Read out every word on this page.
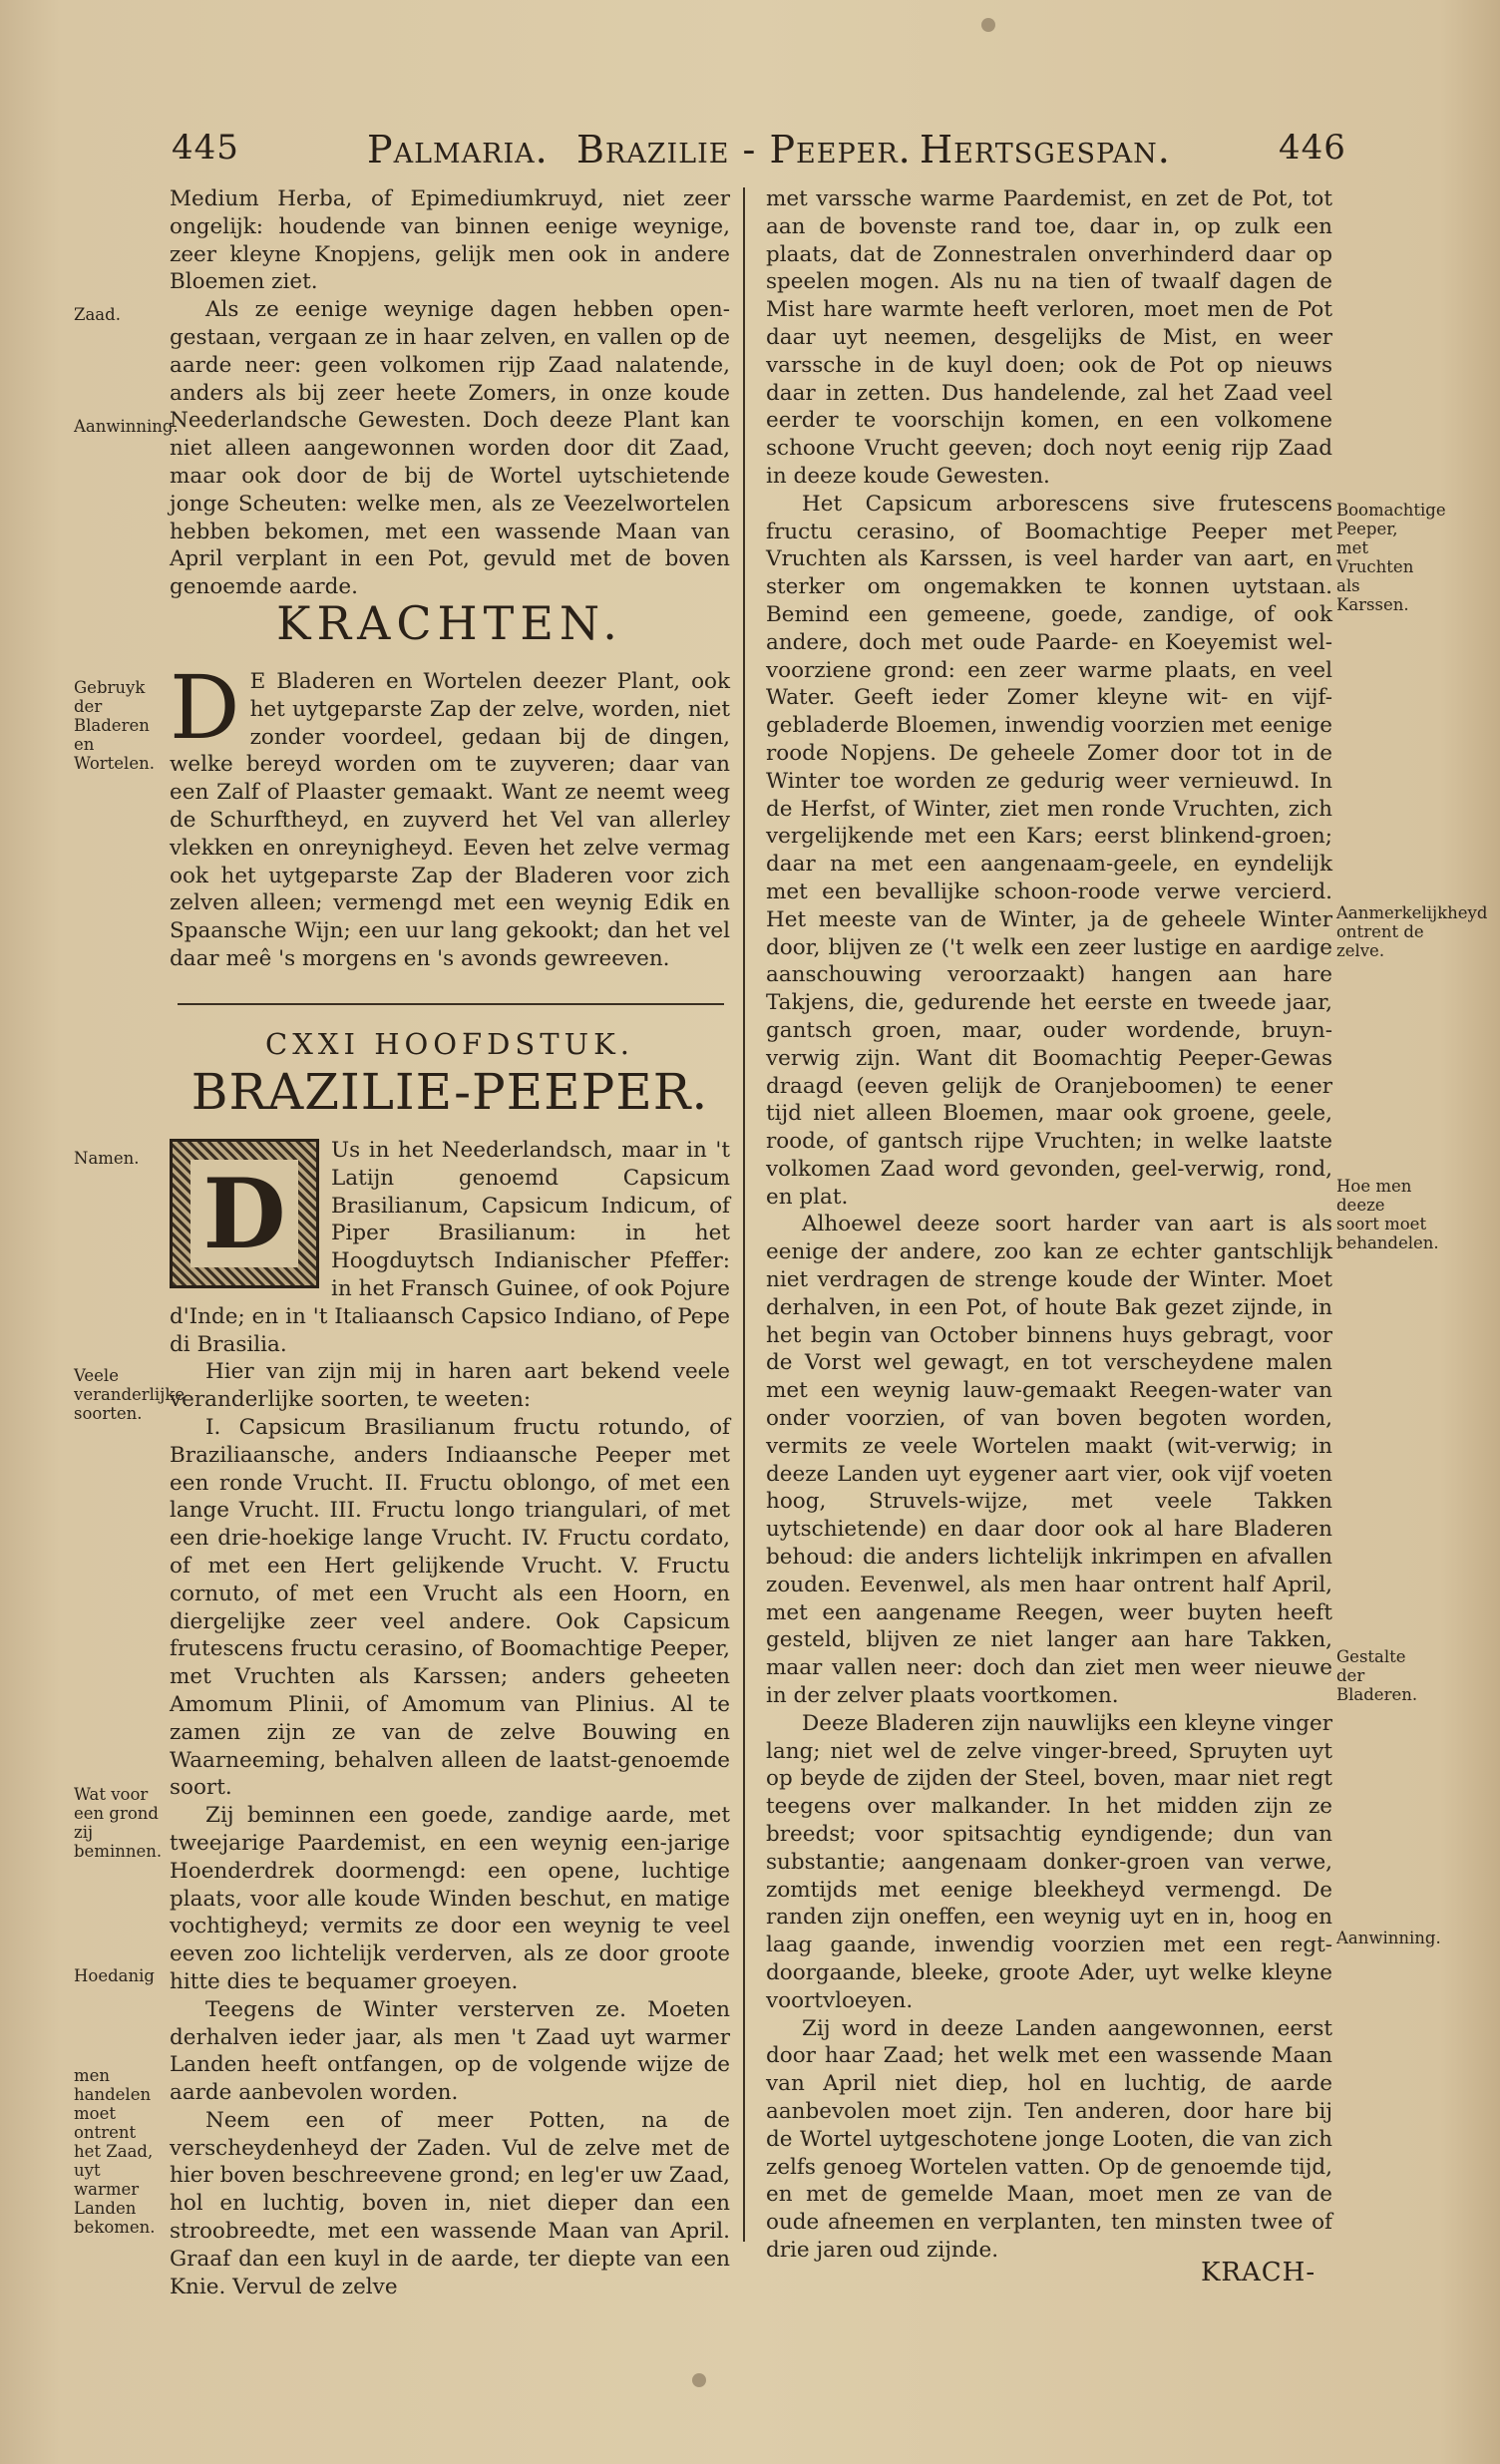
445	Palmaria. Brazilie - Peeper. Hertsgespan.	446

Medium Herba, of Epimediumkruyd, niet zeer ongelijk: houdende van binnen eenige weynige, zeer kleyne Knopjens, gelijk men ook in andere Bloemen ziet.

Als ze eenige weynige dagen hebben open-gestaan, vergaan ze in haar zelven, en vallen op de aarde neer: geen volkomen rijp Zaad nalatende, anders als bij zeer heete Zomers, in onze koude Neederlandsche Gewesten. Doch deeze Plant kan niet alleen aangewonnen worden door dit Zaad, maar ook door de bij de Wortel uytschietende jonge Scheuten: welke men, als ze Veezelwortelen hebben bekomen, met een wassende Maan van April verplant in een Pot, gevuld met de boven genoemde aarde.

KRACHTEN.

D E Bladeren en Wortelen deezer Plant, ook het uytgeparste Zap der zelve, worden, niet zonder voordeel, gedaan bij de dingen, welke bereyd worden om te zuyveren; daar van een Zalf of Plaaster gemaakt. Want ze neemt weeg de Schurftheyd, en zuyverd het Vel van allerley vlekken en onreynigheyd. Eeven het zelve vermag ook het uytgeparste Zap der Bladeren voor zich zelven alleen; vermengd met een weynig Edik en Spaansche Wijn; een uur lang gekookt; dan het vel daar meê 's morgens en 's avonds gewreeven.

CXXI HOOFDSTUK.
BRAZILIE-PEEPER.

D
Us in het Neederlandsch, maar in 't Latijn genoemd Capsicum Brasilianum, Capsicum Indicum, of Piper Brasilianum: in het Hoogduytsch Indianischer Pfeffer: in het Fransch Guinee, of ook Pojure d'Inde; en in 't Italiaansch Capsico Indiano, of Pepe di Brasilia.

Hier van zijn mij in haren aart bekend veele veranderlijke soorten, te weeten:

I. Capsicum Brasilianum fructu rotundo, of Braziliaansche, anders Indiaansche Peeper met een ronde Vrucht. II. Fructu oblongo, of met een lange Vrucht. III. Fructu longo triangulari, of met een drie-hoekige lange Vrucht. IV. Fructu cordato, of met een Hert gelijkende Vrucht. V. Fructu cornuto, of met een Vrucht als een Hoorn, en diergelijke zeer veel andere. Ook Capsicum frutescens fructu cerasino, of Boomachtige Peeper, met Vruchten als Karssen; anders geheeten Amomum Plinii, of Amomum van Plinius. Al te zamen zijn ze van de zelve Bouwing en Waarneeming, behalven alleen de laatst-genoemde soort.

Zij beminnen een goede, zandige aarde, met tweejarige Paardemist, en een weynig een-jarige Hoenderdrek doormengd: een opene, luchtige plaats, voor alle koude Winden beschut, en matige vochtigheyd; vermits ze door een weynig te veel eeven zoo lichtelijk verderven, als ze door groote hitte dies te bequamer groeyen.

Teegens de Winter versterven ze. Moeten derhalven ieder jaar, als men 't Zaad uyt warmer Landen heeft ontfangen, op de volgende wijze de aarde aanbevolen worden.

Neem een of meer Potten, na de verscheydenheyd der Zaden. Vul de zelve met de hier boven beschreevene grond; en leg'er uw Zaad, hol en luchtig, boven in, niet dieper dan een stroobreedte, met een wassende Maan van April. Graaf dan een kuyl in de aarde, ter diepte van een Knie. Vervul de zelve

Zaad.
Aanwinning.
Gebruyk der Bladeren en Wortelen.
Namen.
Veele veranderlijke soorten.
Wat voor een grond zij beminnen.
Hoedanig
men handelen moet ontrent het Zaad, uyt warmer Landen bekomen.

met varssche warme Paardemist, en zet de Pot, tot aan de bovenste rand toe, daar in, op zulk een plaats, dat de Zonnestralen onverhinderd daar op speelen mogen. Als nu na tien of twaalf dagen de Mist hare warmte heeft verloren, moet men de Pot daar uyt neemen, desgelijks de Mist, en weer varssche in de kuyl doen; ook de Pot op nieuws daar in zetten. Dus handelende, zal het Zaad veel eerder te voorschijn komen, en een volkomene schoone Vrucht geeven; doch noyt eenig rijp Zaad in deeze koude Gewesten.

Het Capsicum arborescens sive frutescens fructu cerasino, of Boomachtige Peeper met Vruchten als Karssen, is veel harder van aart, en sterker om ongemakken te konnen uytstaan. Bemind een gemeene, goede, zandige, of ook andere, doch met oude Paarde- en Koeyemist wel-voorziene grond: een zeer warme plaats, en veel Water. Geeft ieder Zomer kleyne wit- en vijf-gebladerde Bloemen, inwendig voorzien met eenige roode Nopjens. De geheele Zomer door tot in de Winter toe worden ze gedurig weer vernieuwd. In de Herfst, of Winter, ziet men ronde Vruchten, zich vergelijkende met een Kars; eerst blinkend-groen; daar na met een aangenaam-geele, en eyndelijk met een bevallijke schoon-roode verwe vercierd. Het meeste van de Winter, ja de geheele Winter door, blijven ze ('t welk een zeer lustige en aardige aanschouwing veroorzaakt) hangen aan hare Takjens, die, gedurende het eerste en tweede jaar, gantsch groen, maar, ouder wordende, bruyn-verwig zijn. Want dit Boomachtig Peeper-Gewas draagd (eeven gelijk de Oranjeboomen) te eener tijd niet alleen Bloemen, maar ook groene, geele, roode, of gantsch rijpe Vruchten; in welke laatste volkomen Zaad word gevonden, geel-verwig, rond, en plat.

Alhoewel deeze soort harder van aart is als eenige der andere, zoo kan ze echter gantschlijk niet verdragen de strenge koude der Winter. Moet derhalven, in een Pot, of houte Bak gezet zijnde, in het begin van October binnens huys gebragt, voor de Vorst wel gewagt, en tot verscheydene malen met een weynig lauw-gemaakt Reegen-water van onder voorzien, of van boven begoten worden, vermits ze veele Wortelen maakt (wit-verwig; in deeze Landen uyt eygener aart vier, ook vijf voeten hoog, Struvels-wijze, met veele Takken uytschietende) en daar door ook al hare Bladeren behoud: die anders lichtelijk inkrimpen en afvallen zouden. Eevenwel, als men haar ontrent half April, met een aangename Reegen, weer buyten heeft gesteld, blijven ze niet langer aan hare Takken, maar vallen neer: doch dan ziet men weer nieuwe in der zelver plaats voortkomen.

Deeze Bladeren zijn nauwlijks een kleyne vinger lang; niet wel de zelve vinger-breed, Spruyten uyt op beyde de zijden der Steel, boven, maar niet regt teegens over malkander. In het midden zijn ze breedst; voor spitsachtig eyndigende; dun van substantie; aangenaam donker-groen van verwe, zomtijds met eenige bleekheyd vermengd. De randen zijn oneffen, een weynig uyt en in, hoog en laag gaande, inwendig voorzien met een regt-doorgaande, bleeke, groote Ader, uyt welke kleyne voortvloeyen.

Zij word in deeze Landen aangewonnen, eerst door haar Zaad; het welk met een wassende Maan van April niet diep, hol en luchtig, de aarde aanbevolen moet zijn. Ten anderen, door hare bij de Wortel uytgeschotene jonge Looten, die van zich zelfs genoeg Wortelen vatten. Op de genoemde tijd, en met de gemelde Maan, moet men ze van de oude afneemen en verplanten, ten minsten twee of drie jaren oud zijnde.

Boomachtige Peeper, met Vruchten als Karssen.
Aanmerkelijkheyd ontrent de zelve.
Hoe men deeze soort moet behandelen.
Gestalte der Bladeren.
Aanwinning.
KRACH-
